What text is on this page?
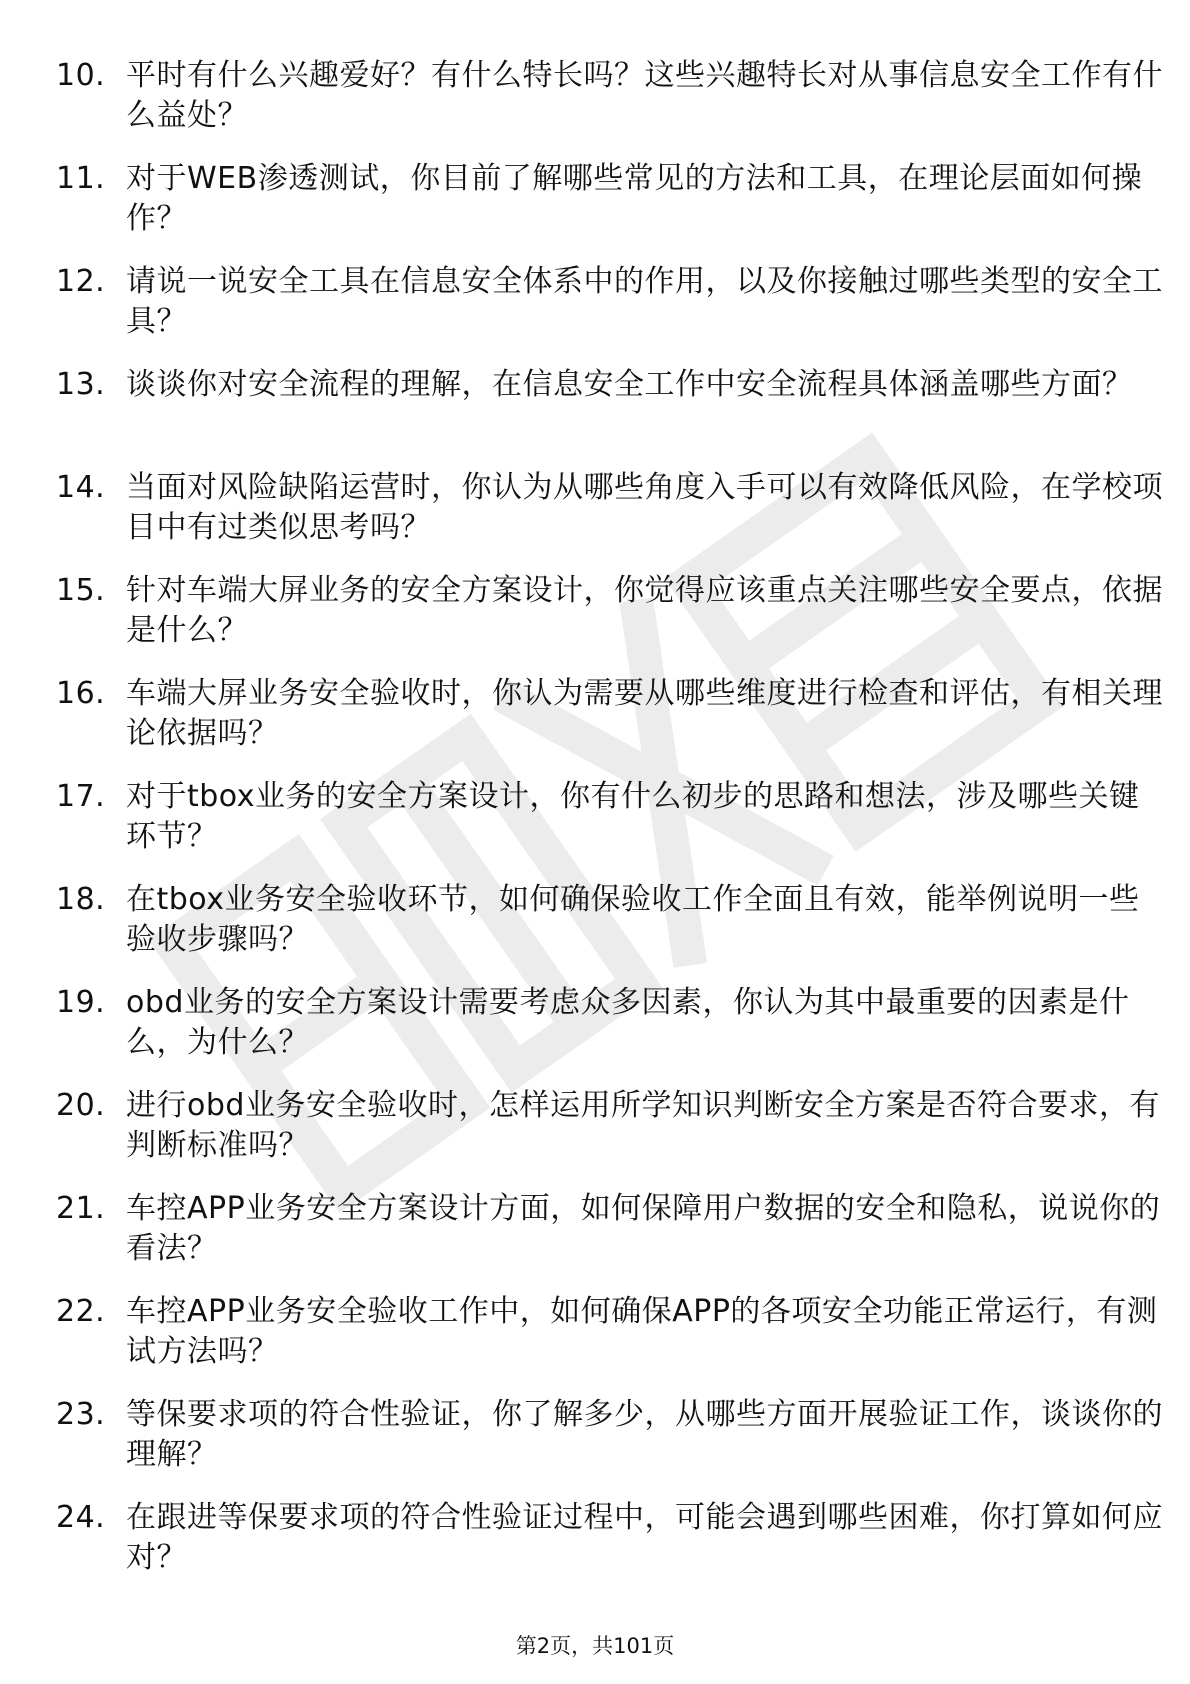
10. 平时有什么兴趣爱好？有什么特长吗？这些兴趣特长对从事信息安全工作有什么益处？
11. 对于WEB渗透测试，你目前了解哪些常见的方法和工具，在理论层面如何操作？
12. 请说一说安全工具在信息安全体系中的作用，以及你接触过哪些类型的安全工具？
13. 谈谈你对安全流程的理解，在信息安全工作中安全流程具体涵盖哪些方面？
14. 当面对风险缺陷运营时，你认为从哪些角度入手可以有效降低风险，在学校项目中有过类似思考吗？
15. 针对车端大屏业务的安全方案设计，你觉得应该重点关注哪些安全要点，依据是什么？
16. 车端大屏业务安全验收时，你认为需要从哪些维度进行检查和评估，有相关理论依据吗？
17. 对于tbox业务的安全方案设计，你有什么初步的思路和想法，涉及哪些关键环节？
18. 在tbox业务安全验收环节，如何确保验收工作全面且有效，能举例说明一些验收步骤吗？
19. obd业务的安全方案设计需要考虑众多因素，你认为其中最重要的因素是什么，为什么？
20. 进行obd业务安全验收时，怎样运用所学知识判断安全方案是否符合要求，有判断标准吗？
21. 车控APP业务安全方案设计方面，如何保障用户数据的安全和隐私，说说你的看法？
22. 车控APP业务安全验收工作中，如何确保APP的各项安全功能正常运行，有测试方法吗？
23. 等保要求项的符合性验证，你了解多少，从哪些方面开展验证工作，谈谈你的理解？
24. 在跟进等保要求项的符合性验证过程中，可能会遇到哪些困难，你打算如何应对？
第2页，共101页
